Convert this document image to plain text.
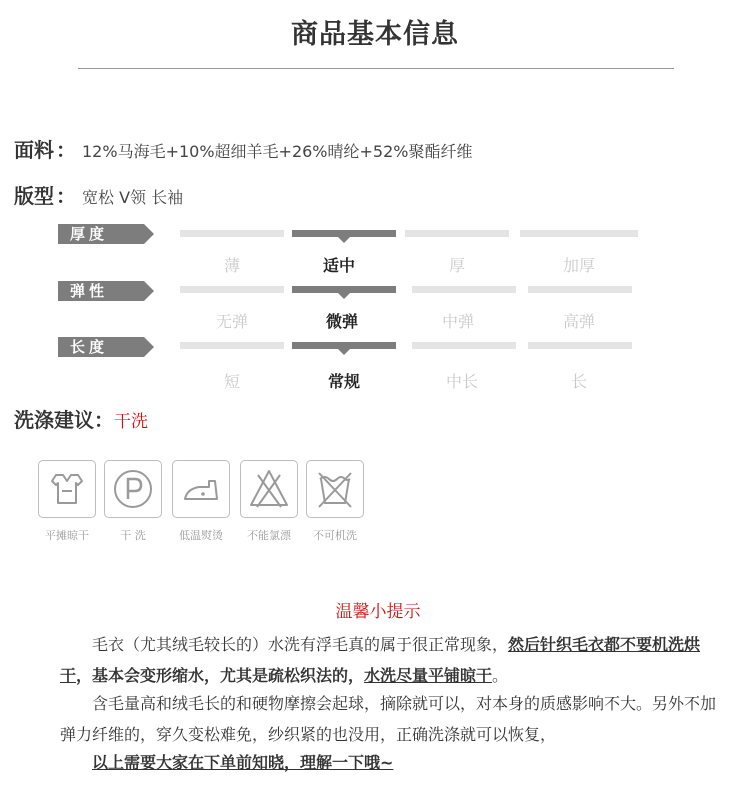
商品基本信息
面料 ： 12%马海毛+10%超细羊毛+26%晴纶+52%聚酯纤维
版型 ： 宽松 V领 长袖
厚度
薄	适中	厚	加厚
弹性
无弹	微弹	中弹	高弹
长度
短	常规	中长	长
洗涤建议：干洗
平摊晾干	干 洗	低温熨烫	不能氯漂	不可机洗
温馨小提示
毛衣（尤其绒毛较长的）水洗有浮毛真的属于很正常现象，然后针织毛衣都不要机洗烘干，基本会变形缩水，尤其是疏松织法的，水洗尽量平铺晾干。
含毛量高和绒毛长的和硬物摩擦会起球，摘除就可以，对本身的质感影响不大。另外不加弹力纤维的，穿久变松难免，纱织紧的也没用，正确洗涤就可以恢复，
以上需要大家在下单前知晓，理解一下哦~
